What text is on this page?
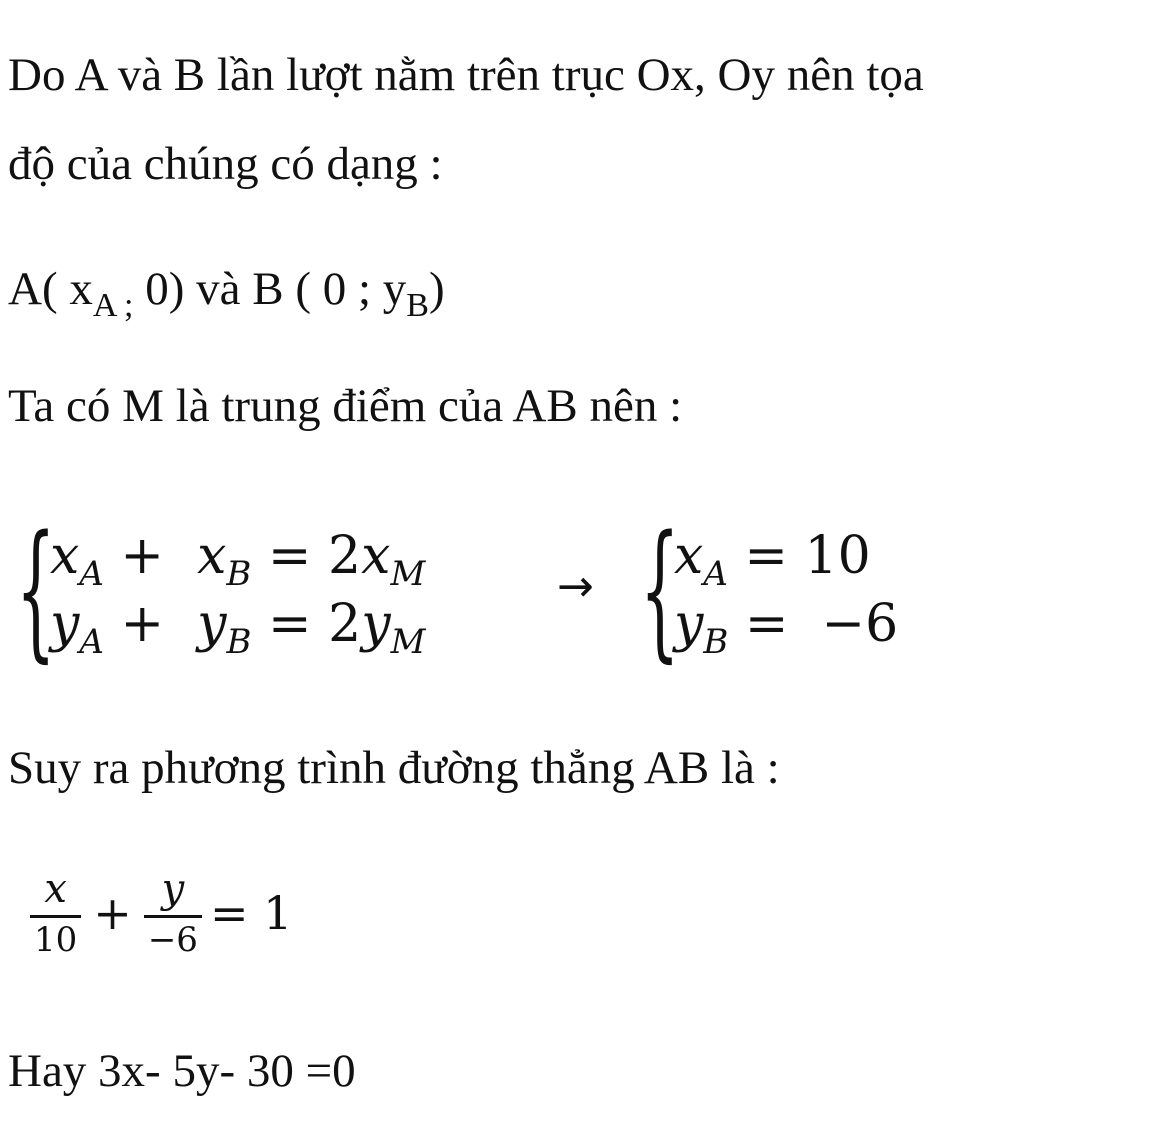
Do A và B lần lượt nằm trên trục Ox, Oy nên tọa
độ của chúng có dạng :
A( $x_{A ;}$ 0) và B ( 0 ; $y_B$)
Ta có M là trung điểm của AB nên :
{
$x_A + x_B = 2x_M$
$y_A + y_B = 2y_M$
→ {
$x_A = 10$
$y_B = -6$
Suy ra phương trình đường thẳng AB là :
$\frac{x}{10} + \frac{y}{-6} = 1$
Hay 3x- 5y- 30 =0
